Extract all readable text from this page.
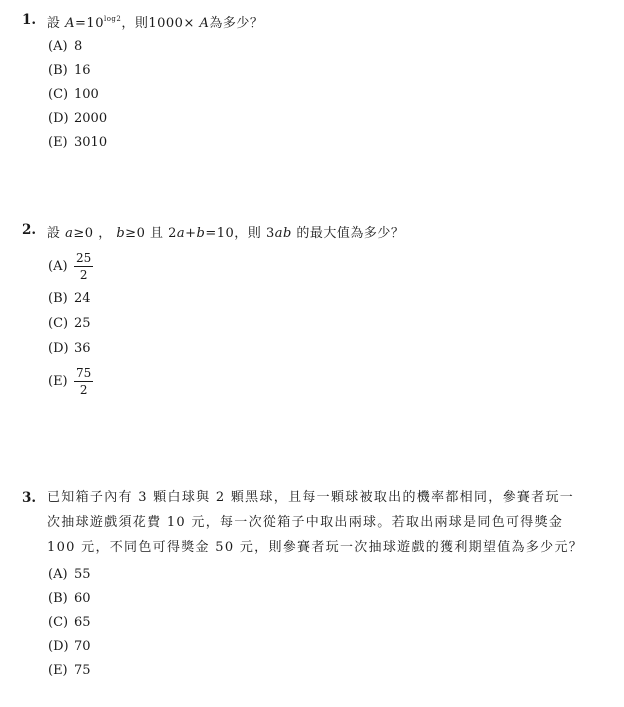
1. 設 $A=10^{log2}$，則1000× A為多少？
(A) 8
(B) 16
(C) 100
(D) 2000
(E) 3010
2. 設 a≥0 ， b≥0 且 2a+b=10，則 3ab 的最大值為多少？
$(A) \frac{25}{2}$
(B) 24
(C) 25
(D) 36
$(E) \frac{75}{2}$
3. 已知箱子內有 3 顆白球與 2 顆黑球，且每一顆球被取出的機率都相同，參賽者玩一次抽球遊戲須花費 10 元，每一次從箱子中取出兩球。若取出兩球是同色可得獎金 100 元，不同色可得獎金 50 元，則參賽者玩一次抽球遊戲的獲利期望值為多少元？
(A) 55
(B) 60
(C) 65
(D) 70
(E) 75
